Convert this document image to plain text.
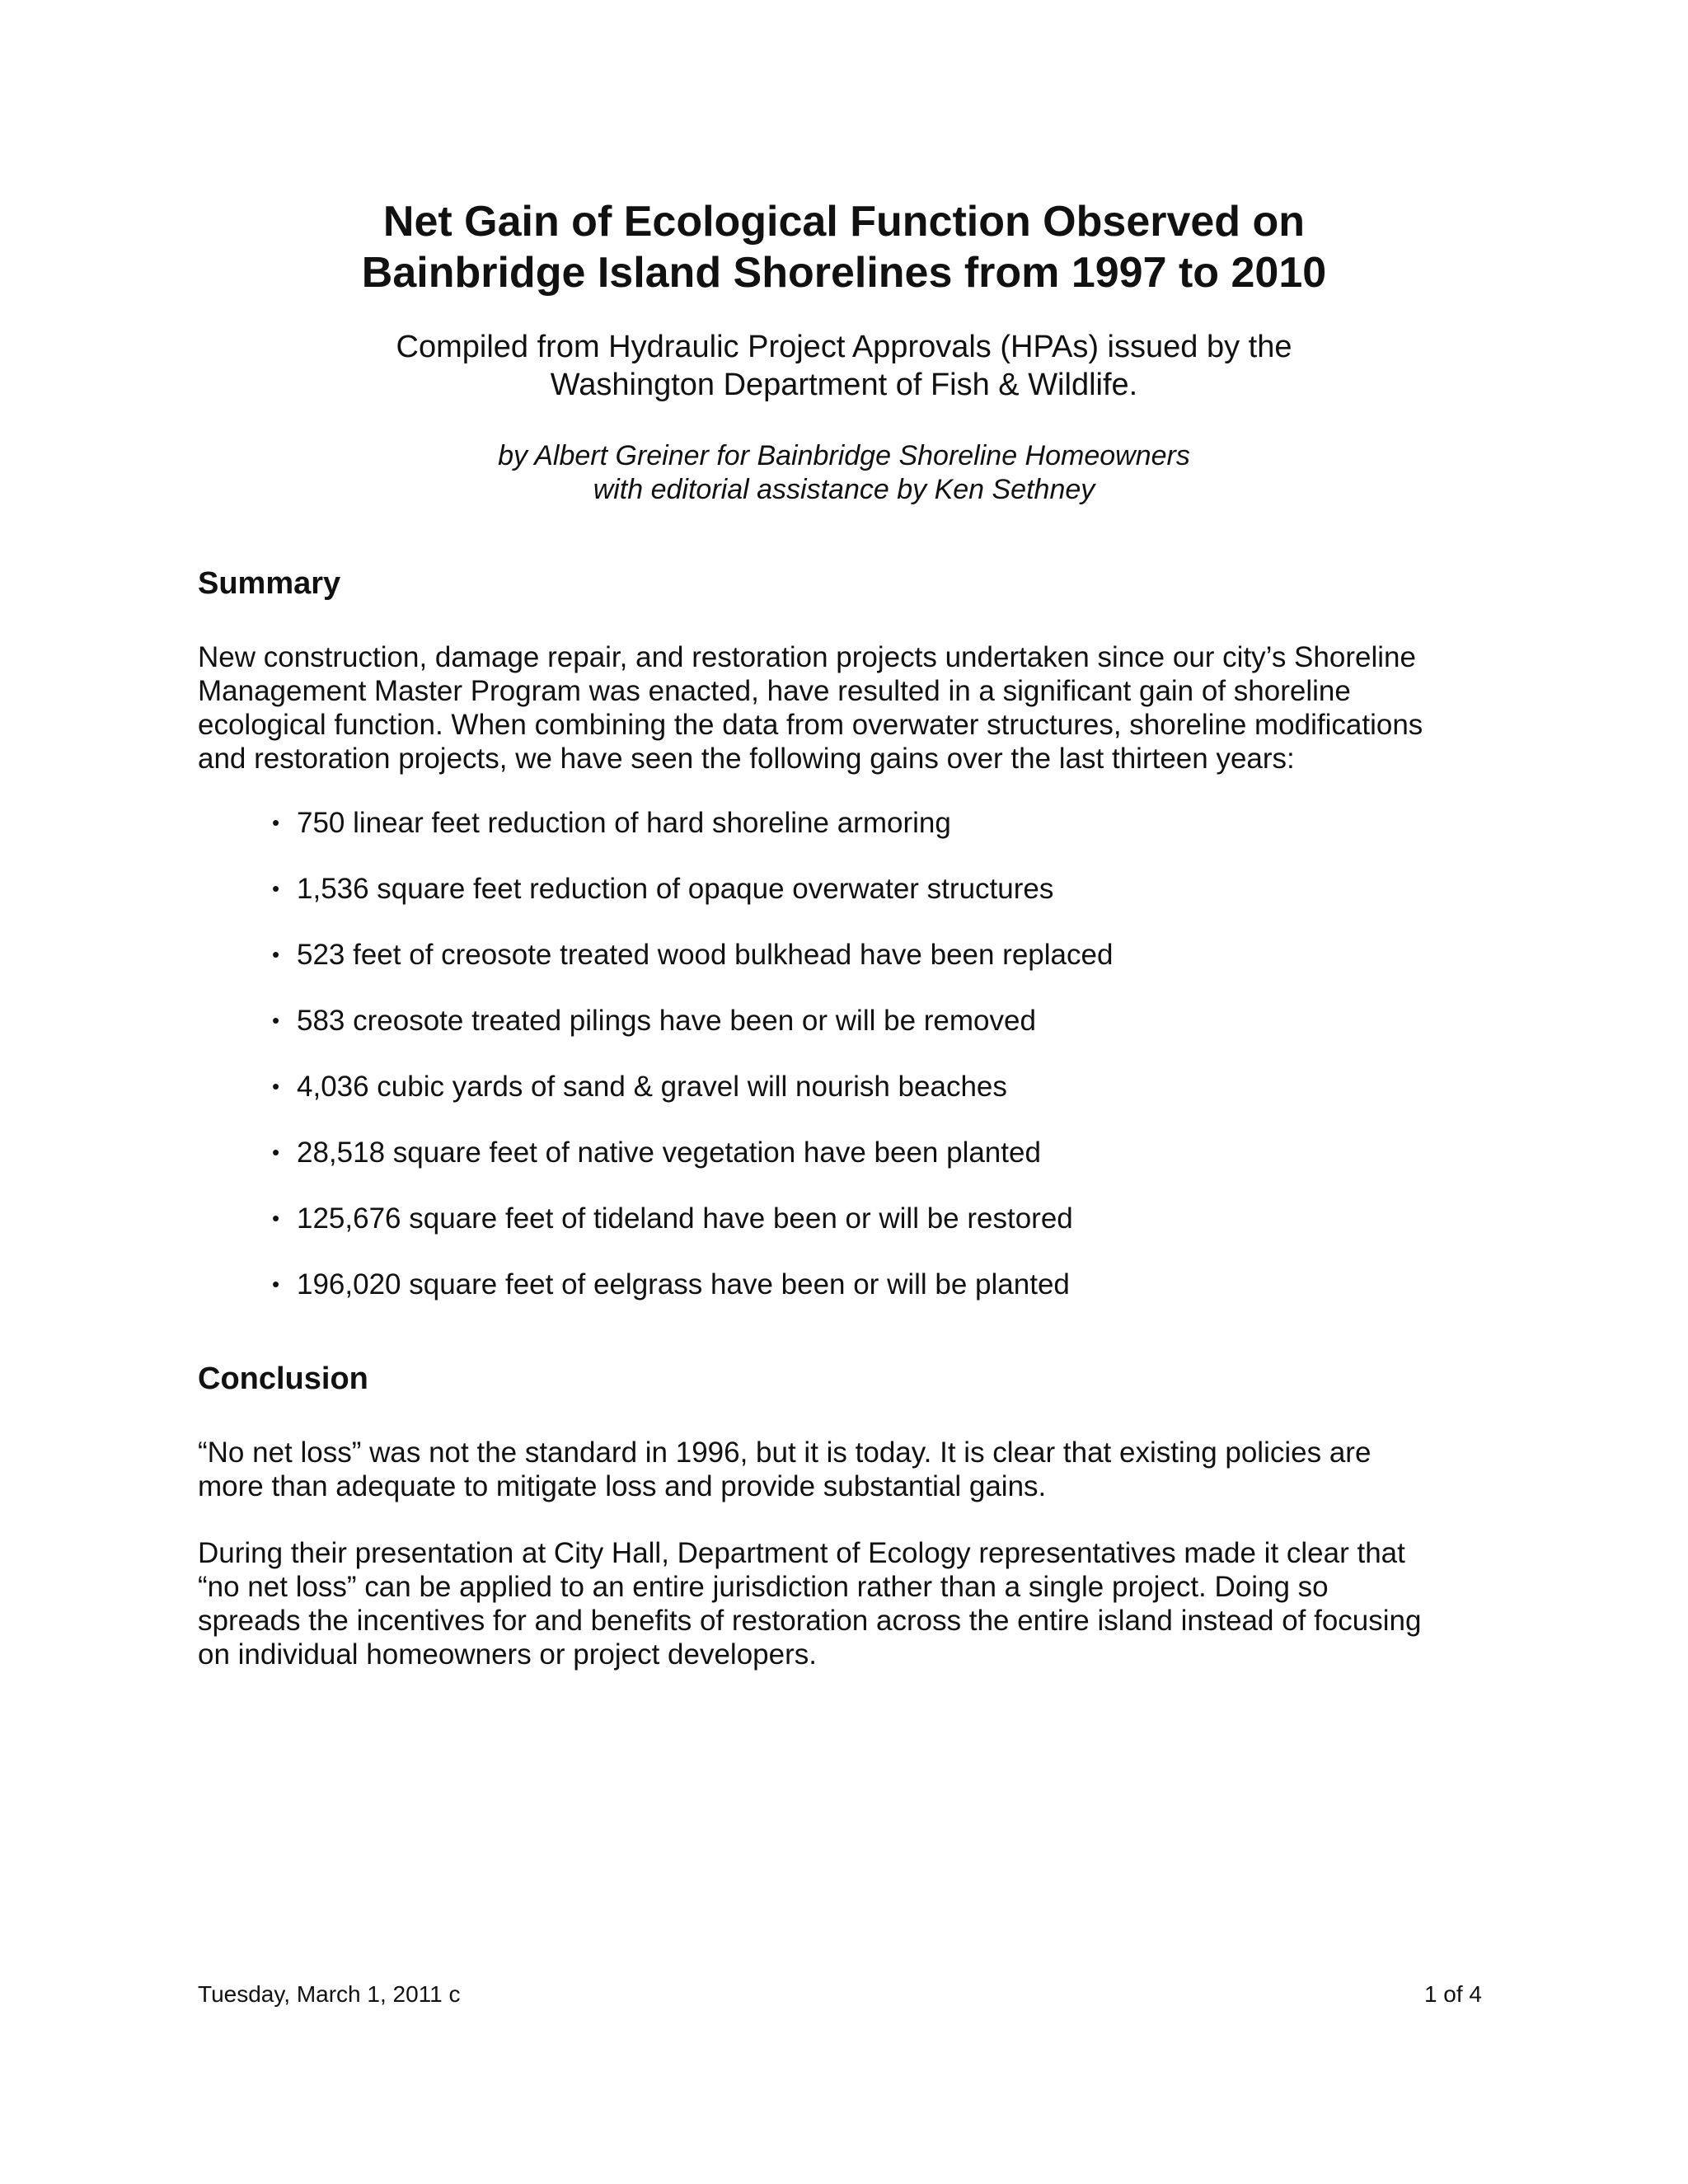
Net Gain of Ecological Function Observed on
Bainbridge Island Shorelines from 1997 to 2010

Compiled from Hydraulic Project Approvals (HPAs) issued by the
Washington Department of Fish & Wildlife.

by Albert Greiner for Bainbridge Shoreline Homeowners
with editorial assistance by Ken Sethney

Summary

New construction, damage repair, and restoration projects undertaken since our city’s Shoreline
Management Master Program was enacted, have resulted in a significant gain of shoreline
ecological function. When combining the data from overwater structures, shoreline modifications
and restoration projects, we have seen the following gains over the last thirteen years:

• 750 linear feet reduction of hard shoreline armoring
• 1,536 square feet reduction of opaque overwater structures
• 523 feet of creosote treated wood bulkhead have been replaced
• 583 creosote treated pilings have been or will be removed
• 4,036 cubic yards of sand & gravel will nourish beaches
• 28,518 square feet of native vegetation have been planted
• 125,676 square feet of tideland have been or will be restored
• 196,020 square feet of eelgrass have been or will be planted
Conclusion

“No net loss” was not the standard in 1996, but it is today. It is clear that existing policies are
more than adequate to mitigate loss and provide substantial gains.

During their presentation at City Hall, Department of Ecology representatives made it clear that
“no net loss” can be applied to an entire jurisdiction rather than a single project. Doing so
spreads the incentives for and benefits of restoration across the entire island instead of focusing
on individual homeowners or project developers.

Tuesday, March 1, 2011 c	1 of 4
